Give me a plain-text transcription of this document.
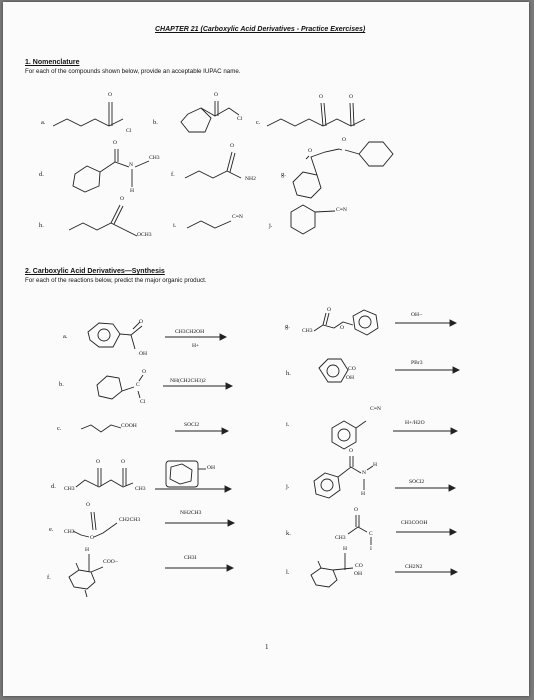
CHAPTER 21 (Carboxylic Acid Derivatives - Practice Exercises)
1. Nomenclature
For each of the compounds shown below, provide an acceptable IUPAC name.
a.	b.	c.
d.	f.	g.
h.	i.	j.
O
Cl
O
Cl
O	O
O
N
CH3
H
O
NH2
O
O
O
OCH3
C≡N
C≡N
2. Carboxylic Acid Derivatives—Synthesis
For each of the reactions below, predict the major organic product.
a.
b.
c.
d.
e.
f.
g.
h.
i.
j.
k.
l.
CH3CH2OH
H+
NH(CH2CH3)2
SOCl2
NH2CH3
CH3I
OH−
PBr3
H+/H2O
SOCl2
CH3COOH
CH2N2
O
OH
O
C
Cl
COOH
O	O
CH3	CH3
OH
O
CH3
O
CH2CH3
H
COO−
O
CH3	O
CO
OH
C≡N
O
N
H
H
O
CH3
C
I
H
CO
OH
1
